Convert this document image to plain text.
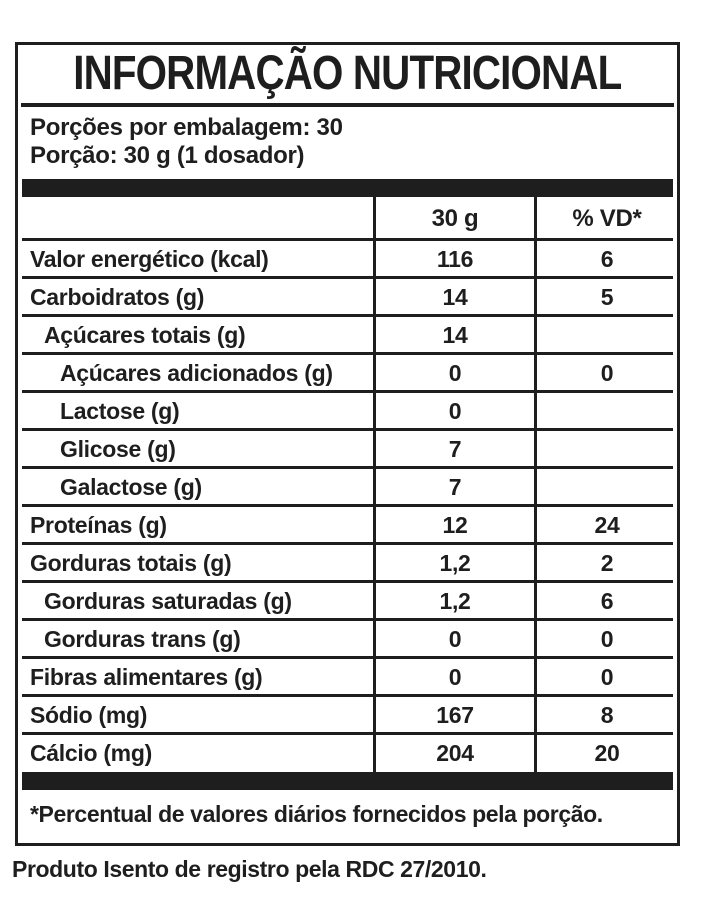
INFORMAÇÃO NUTRICIONAL
Porções por embalagem: 30
Porção: 30 g (1 dosador)
30 g	% VD*
Valor energético (kcal)	116	6
Carboidratos (g)	14	5
Açúcares totais (g)	14
Açúcares adicionados (g)	0	0
Lactose (g)	0
Glicose (g)	7
Galactose (g)	7
Proteínas (g)	12	24
Gorduras totais (g)	1,2	2
Gorduras saturadas (g)	1,2	6
Gorduras trans (g)	0	0
Fibras alimentares (g)	0	0
Sódio (mg)	167	8
Cálcio (mg)	204	20
*Percentual de valores diários fornecidos pela porção.
Produto Isento de registro pela RDC 27/2010.
